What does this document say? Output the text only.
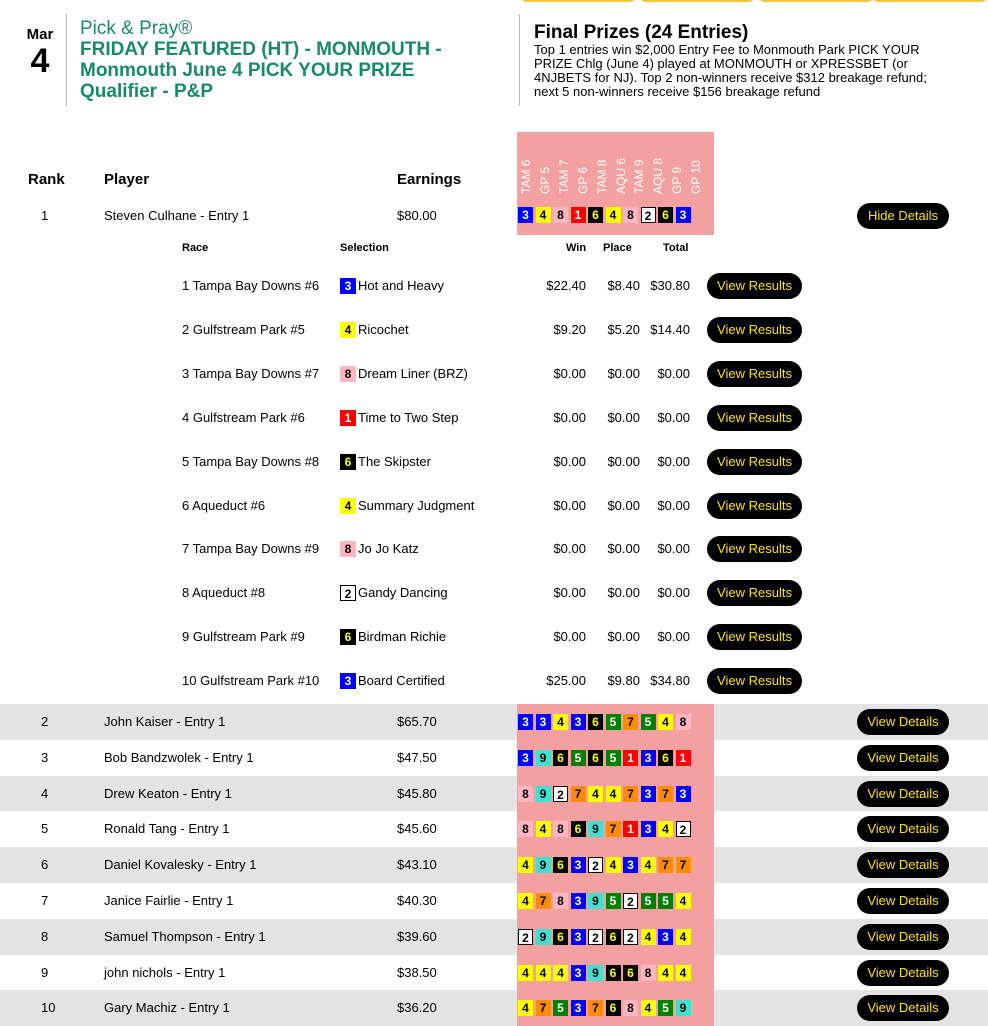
Mar
4
Pick & Pray®
FRIDAY FEATURED (HT) - MONMOUTH - Monmouth June 4 PICK YOUR PRIZE Qualifier - P&P
Final Prizes (24 Entries)
Top 1 entries win $2,000 Entry Fee to Monmouth Park PICK YOUR PRIZE Chlg (June 4) played at MONMOUTH or XPRESSBET (or 4NJBETS for NJ). Top 2 non-winners receive $312 breakage refund; next 5 non-winners receive $156 breakage refund
TAM 6 GP 5 TAM 7 GP 6 TAM 8 AQU 6 TAM 9 AQU 8 GP 9 GP 10
Rank	Player	Earnings
1	Steven Culhane - Entry 1	$80.00	3 4 8 1 6 4 8 2 6 3	Hide Details
Race	Selection	Win Place	Total
1 Tampa Bay Downs #6	3 Hot and Heavy	$22.40 $8.40 $30.80	View Results
2 Gulfstream Park #5	4 Ricochet	$9.20 $5.20 $14.40	View Results
3 Tampa Bay Downs #7	8 Dream Liner (BRZ)	$0.00 $0.00 $0.00	View Results
4 Gulfstream Park #6	1 Time to Two Step	$0.00 $0.00 $0.00	View Results
5 Tampa Bay Downs #8	6 The Skipster	$0.00 $0.00 $0.00	View Results
6 Aqueduct #6	4 Summary Judgment	$0.00 $0.00 $0.00	View Results
7 Tampa Bay Downs #9	8 Jo Jo Katz	$0.00 $0.00 $0.00	View Results
8 Aqueduct #8	2 Gandy Dancing	$0.00 $0.00 $0.00	View Results
9 Gulfstream Park #9	6 Birdman Richie	$0.00 $0.00 $0.00	View Results
10 Gulfstream Park #10	3 Board Certified	$25.00 $9.80 $34.80	View Results
2	John Kaiser - Entry 1	$65.70	3 3 4 3 6 5 7 5 4 8	View Details
3	Bob Bandzwolek - Entry 1	$47.50	3 9 6 5 6 5 1 3 6 1	View Details
4	Drew Keaton - Entry 1	$45.80	8 9 2 7 4 4 7 3 7 3	View Details
5	Ronald Tang - Entry 1	$45.60	8 4 8 6 9 7 1 3 4 2	View Details
6	Daniel Kovalesky - Entry 1	$43.10	4 9 6 3 2 4 3 4 7 7	View Details
7	Janice Fairlie - Entry 1	$40.30	4 7 8 3 9 5 2 5 5 4	View Details
8	Samuel Thompson - Entry 1	$39.60	2 9 6 3 2 6 2 4 3 4	View Details
9	john nichols - Entry 1	$38.50	4 4 4 3 9 6 6 8 4 4	View Details
10	Gary Machiz - Entry 1	$36.20	4 7 5 3 7 6 8 4 5 9	View Details
